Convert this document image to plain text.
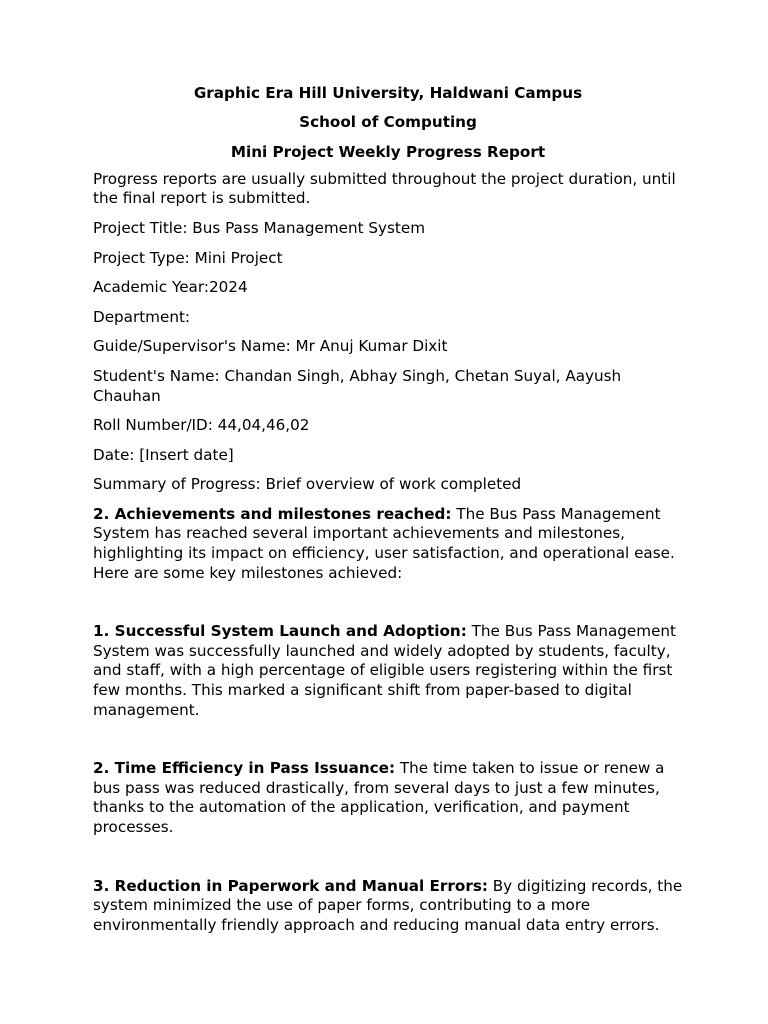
Graphic Era Hill University, Haldwani Campus

School of Computing

Mini Project Weekly Progress Report

Progress reports are usually submitted throughout the project duration, until the final report is submitted.

Project Title: Bus Pass Management System

Project Type: Mini Project

Academic Year:2024

Department:

Guide/Supervisor's Name: Mr Anuj Kumar Dixit

Student's Name: Chandan Singh, Abhay Singh, Chetan Suyal, Aayush Chauhan

Roll Number/ID: 44,04,46,02

Date: [Insert date]

Summary of Progress: Brief overview of work completed

2. Achievements and milestones reached: The Bus Pass Management System has reached several important achievements and milestones, highlighting its impact on efficiency, user satisfaction, and operational ease. Here are some key milestones achieved:

1. Successful System Launch and Adoption: The Bus Pass Management System was successfully launched and widely adopted by students, faculty, and staff, with a high percentage of eligible users registering within the first few months. This marked a significant shift from paper-based to digital management.

2. Time Efficiency in Pass Issuance: The time taken to issue or renew a bus pass was reduced drastically, from several days to just a few minutes, thanks to the automation of the application, verification, and payment processes.

3. Reduction in Paperwork and Manual Errors: By digitizing records, the system minimized the use of paper forms, contributing to a more environmentally friendly approach and reducing manual data entry errors.
